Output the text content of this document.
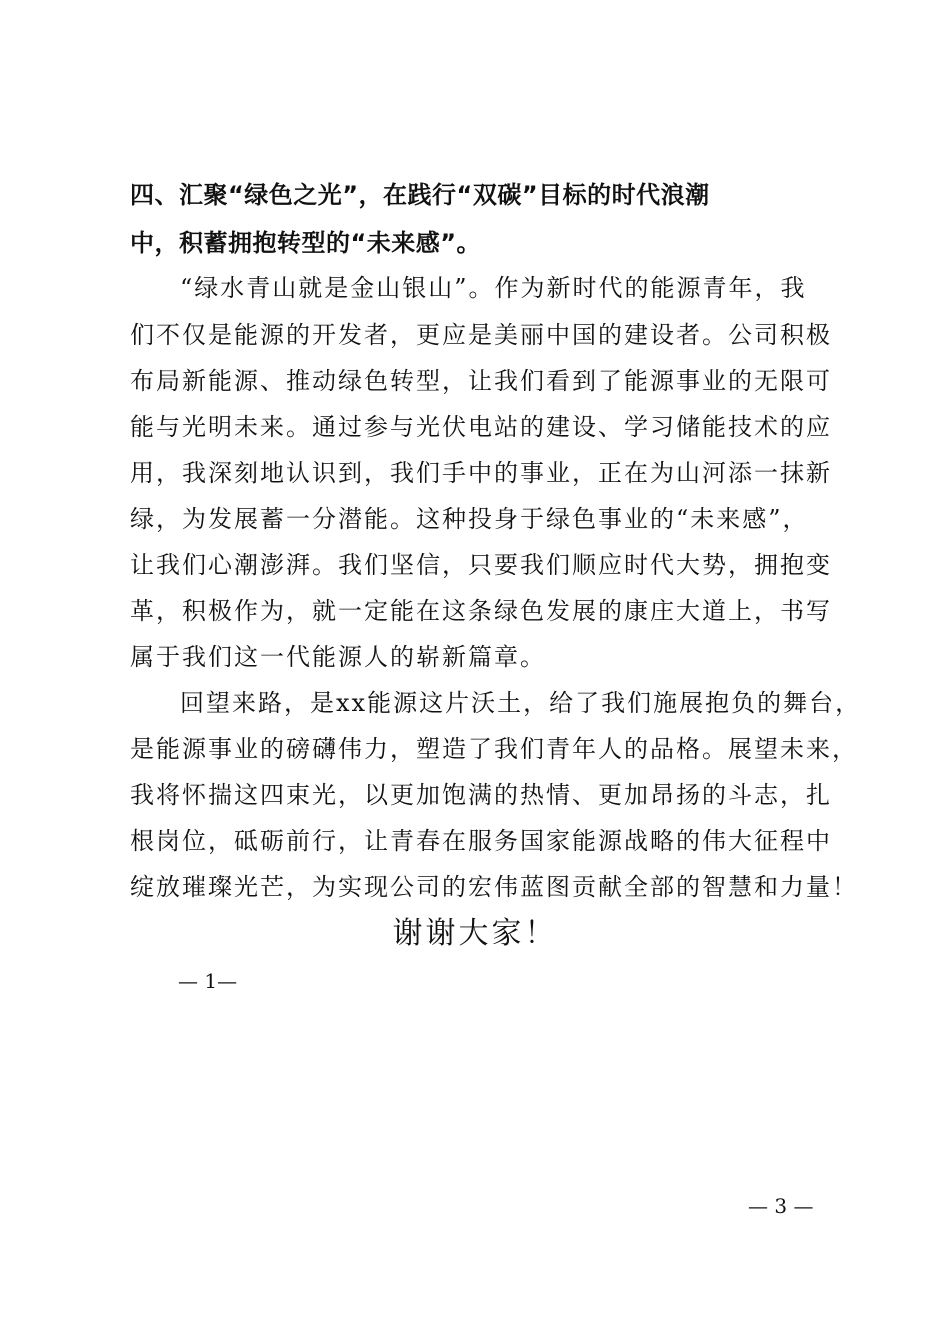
四、汇聚“绿色之光”，在践行“双碳”目标的时代浪潮
中，积蓄拥抱转型的“未来感”。
“绿水青山就是金山银山”。作为新时代的能源青年，我
们不仅是能源的开发者，更应是美丽中国的建设者。公司积极
布局新能源、推动绿色转型，让我们看到了能源事业的无限可
能与光明未来。通过参与光伏电站的建设、学习储能技术的应
用，我深刻地认识到，我们手中的事业，正在为山河添一抹新
绿，为发展蓄一分潜能。这种投身于绿色事业的“未来感”，
让我们心潮澎湃。我们坚信，只要我们顺应时代大势，拥抱变
革，积极作为，就一定能在这条绿色发展的康庄大道上，书写
属于我们这一代能源人的崭新篇章。
回望来路，是xx能源这片沃土，给了我们施展抱负的舞台，
是能源事业的磅礴伟力，塑造了我们青年人的品格。展望未来，
我将怀揣这四束光，以更加饱满的热情、更加昂扬的斗志，扎
根岗位，砥砺前行，让青春在服务国家能源战略的伟大征程中
绽放璀璨光芒，为实现公司的宏伟蓝图贡献全部的智慧和力量！
谢谢大家！
— 1—
— 3 —
